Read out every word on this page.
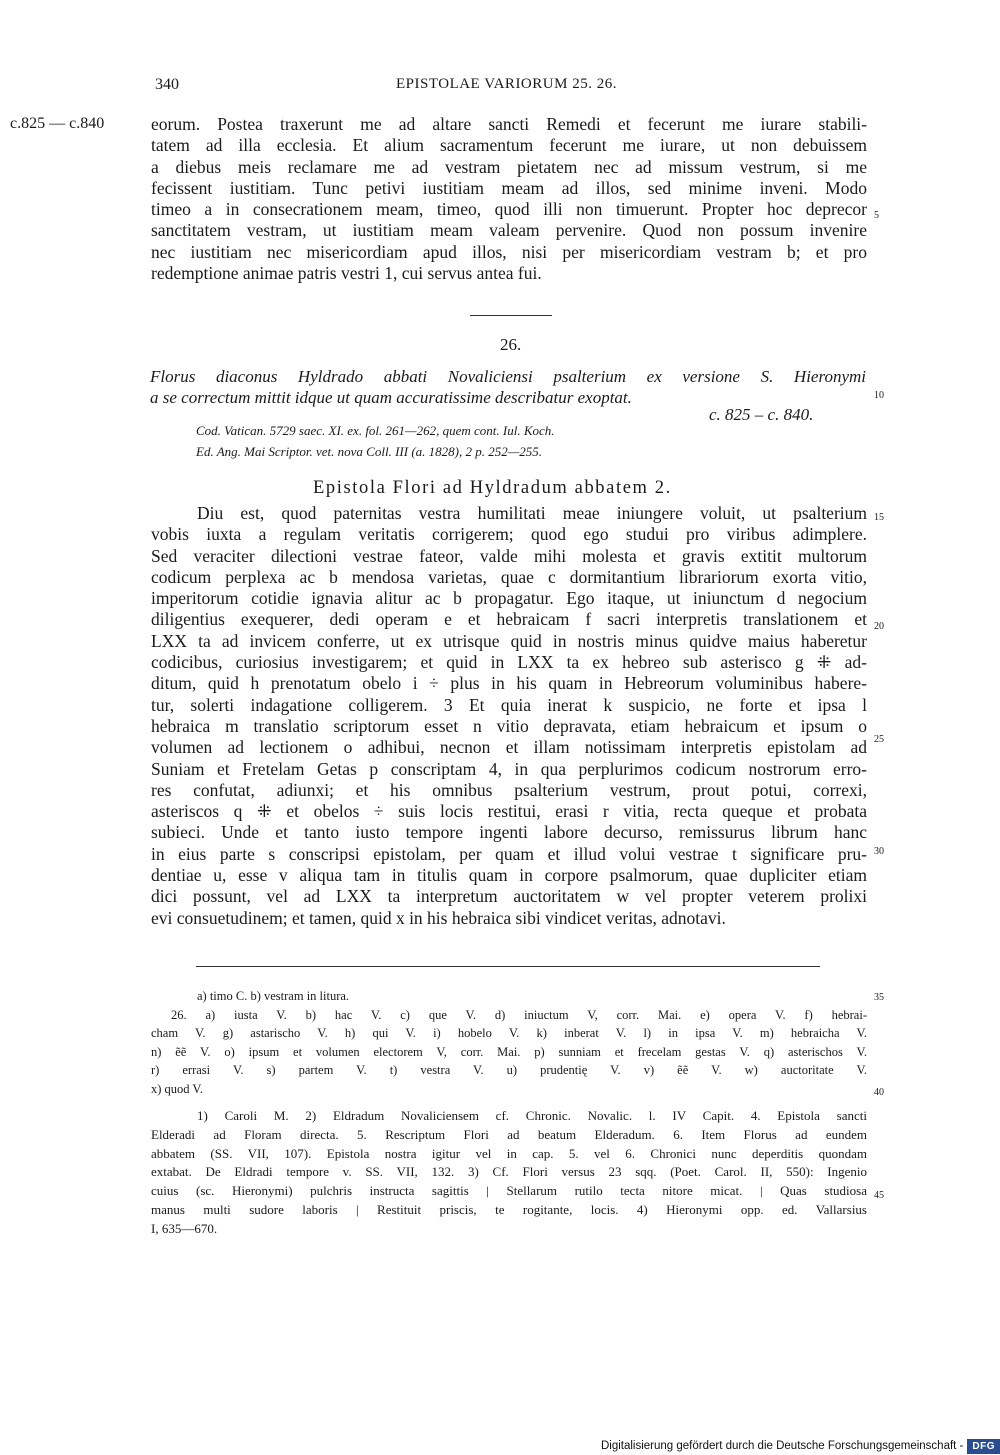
340	EPISTOLAE VARIORUM 25. 26.
c.825 — c.840	eorum. Postea traxerunt me ad altare sancti Remedi et fecerunt me iurare stabili-
tatem ad illa ecclesia. Et alium sacramentum fecerunt me iurare, ut non debuissem
a diebus meis reclamare me ad vestram pietatem nec ad missum vestrum, si me
fecissent iustitiam. Tunc petivi iustitiam meam ad illos, sed minime inveni. Modo
timeo a in consecrationem meam, timeo, quod illi non timuerunt. Propter hoc deprecor
sanctitatem vestram, ut iustitiam meam valeam pervenire. Quod non possum invenire
nec iustitiam nec misericordiam apud illos, nisi per misericordiam vestram b; et pro
redemptione animae patris vestri 1, cui servus antea fui.
26.
Florus diaconus Hyldrado abbati Novaliciensi psalterium ex versione S. Hieronymi
a se correctum mittit idque ut quam accuratissime describatur exoptat.
c. 825 – c. 840.
Cod. Vatican. 5729 saec. XI. ex. fol. 261—262, quem cont. Iul. Koch.
Ed. Ang. Mai Scriptor. vet. nova Coll. III (a. 1828), 2 p. 252—255.
Epistola Flori ad Hyldradum abbatem 2.
Diu est, quod paternitas vestra humilitati meae iniungere voluit, ut psalterium
vobis iuxta a regulam veritatis corrigerem; quod ego studui pro viribus adimplere.
Sed veraciter dilectioni vestrae fateor, valde mihi molesta et gravis extitit multorum
codicum perplexa ac b mendosa varietas, quae c dormitantium librariorum exorta vitio,
imperitorum cotidie ignavia alitur ac b propagatur. Ego itaque, ut iniunctum d negocium
diligentius exequerer, dedi operam e et hebraicam f sacri interpretis translationem et
LXX ta ad invicem conferre, ut ex utrisque quid in nostris minus quidve maius haberetur
codicibus, curiosius investigarem; et quid in LXX ta ex hebreo sub asterisco g ⁜ ad-
ditum, quid h prenotatum obelo i ÷ plus in his quam in Hebreorum voluminibus habere-
tur, solerti indagatione colligerem. 3 Et quia inerat k suspicio, ne forte et ipsa l
hebraica m translatio scriptorum esset n vitio depravata, etiam hebraicum et ipsum o
volumen ad lectionem o adhibui, necnon et illam notissimam interpretis epistolam ad
Suniam et Fretelam Getas p conscriptam 4, in qua perplurimos codicum nostrorum erro-
res confutat, adiunxi; et his omnibus psalterium vestrum, prout potui, correxi,
asteriscos q ⁜ et obelos ÷ suis locis restitui, erasi r vitia, recta queque et probata
subieci. Unde et tanto iusto tempore ingenti labore decurso, remissurus librum hanc
in eius parte s conscripsi epistolam, per quam et illud volui vestrae t significare pru-
dentiae u, esse v aliqua tam in titulis quam in corpore psalmorum, quae dupliciter etiam
dici possunt, vel ad LXX ta interpretum auctoritatem w vel propter veterem prolixi
evi consuetudinem; et tamen, quid x in his hebraica sibi vindicet veritas, adnotavi.
a) timo C. b) vestram in litura.
26. a) iusta V. b) hac V. c) que V. d) iniuctum V, corr. Mai. e) opera V. f) hebrai-
cham V. g) astarischo V. h) qui V. i) hobelo V. k) inberat V. l) in ipsa V. m) hebraicha V.
n) ẽẽ V. o) ipsum et volumen electorem V, corr. Mai. p) sunniam et frecelam gestas V. q) asterischos V.
r) errasi V. s) partem V. t) vestra V. u) prudentię V. v) ẽẽ V. w) auctoritate V.
x) quod V.
1) Caroli M. 2) Eldradum Novaliciensem cf. Chronic. Novalic. l. IV Capit. 4. Epistola sancti
Elderadi ad Floram directa. 5. Rescriptum Flori ad beatum Elderadum. 6. Item Florus ad eundem
abbatem (SS. VII, 107). Epistola nostra igitur vel in cap. 5. vel 6. Chronici nunc deperditis quondam
extabat. De Eldradi tempore v. SS. VII, 132. 3) Cf. Flori versus 23 sqq. (Poet. Carol. II, 550): Ingenio
cuius (sc. Hieronymi) pulchris instructa sagittis | Stellarum rutilo tecta nitore micat. | Quas studiosa
manus multi sudore laboris | Restituit priscis, te rogitante, locis. 4) Hieronymi opp. ed. Vallarsius
I, 635—670.
5
10
15
20
25
30
35
40
45
Digitalisierung gefördert durch die Deutsche Forschungsgemeinschaft - DFG
